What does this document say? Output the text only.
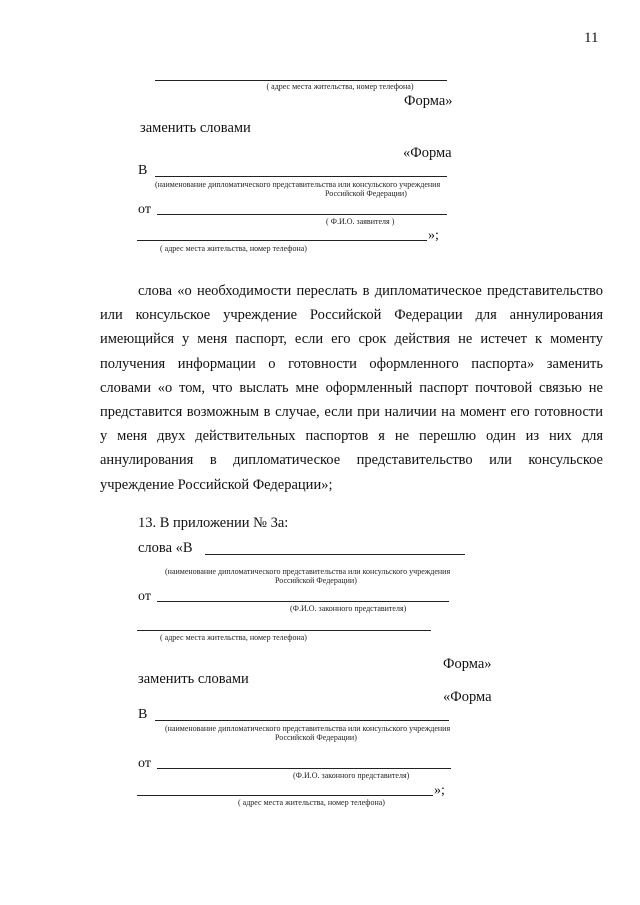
11
( адрес места жительства, номер телефона)
Форма»
заменить словами
«Форма
В
(наименование дипломатического представительства или консульского учреждения
Российской Федерации)
от
( Ф.И.О. заявителя )
»;
( адрес места жительства, номер телефона)
слова «о необходимости переслать в дипломатическое представительство или консульское учреждение Российской Федерации для аннулирования имеющийся у меня паспорт, если его срок действия не истечет к моменту получения информации о готовности оформленного паспорта» заменить словами «о том, что выслать мне оформленный паспорт почтовой связью не представится возможным в случае, если при наличии на момент его готовности у меня двух действительных паспортов я не перешлю один из них для аннулирования в дипломатическое представительство или консульское учреждение Российской Федерации»;
13. В приложении № 3а:
слова «В
(наименование дипломатического представительства или консульского учреждения
Российской Федерации)
от
(Ф.И.О. законного представителя)
( адрес места жительства, номер телефона)
Форма»
заменить словами
«Форма
В
(наименование дипломатического представительства или консульского учреждения
Российской Федерации)
от
(Ф.И.О. законного представителя)
»;
( адрес места жительства, номер телефона)
